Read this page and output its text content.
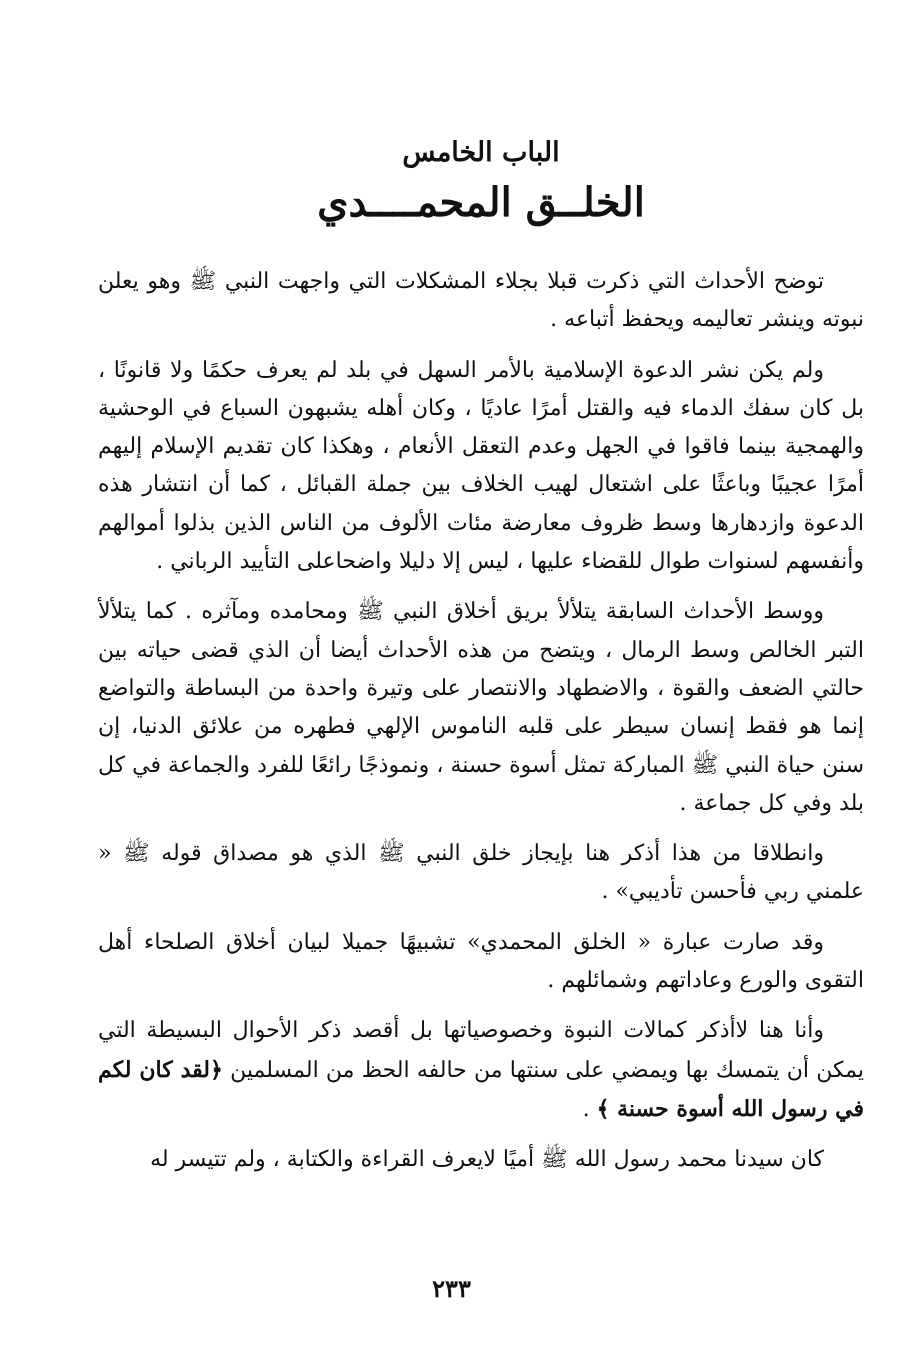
الباب الخامس
الخلــق المحمــــدي

توضح الأحداث التي ذكرت قبلا بجلاء المشكلات التي واجهت النبي ﷺ وهو يعلن نبوته وينشر تعاليمه ويحفظ أتباعه .

ولم يكن نشر الدعوة الإسلامية بالأمر السهل في بلد لم يعرف حكمًا ولا قانونًا ، بل كان سفك الدماء فيه والقتل أمرًا عاديًا ، وكان أهله يشبهون السباع في الوحشية والهمجية بينما فاقوا في الجهل وعدم التعقل الأنعام ، وهكذا كان تقديم الإسلام إليهم أمرًا عجيبًا وباعثًا على اشتعال لهيب الخلاف بين جملة القبائل ، كما أن انتشار هذه الدعوة وازدهارها وسط ظروف معارضة مئات الألوف من الناس الذين بذلوا أموالهم وأنفسهم لسنوات طوال للقضاء عليها ، ليس إلا دليلا واضحاعلى التأييد الرباني .

ووسط الأحداث السابقة يتلألأ بريق أخلاق النبي ﷺ ومحامده ومآثره . كما يتلألأ التبر الخالص وسط الرمال ، ويتضح من هذه الأحداث أيضا أن الذي قضى حياته بين حالتي الضعف والقوة ، والاضطهاد والانتصار على وتيرة واحدة من البساطة والتواضع إنما هو فقط إنسان سيطر على قلبه الناموس الإلهي فطهره من علائق الدنيا، إن سنن حياة النبي ﷺ المباركة تمثل أسوة حسنة ، ونموذجًا رائعًا للفرد والجماعة في كل بلد وفي كل جماعة .

وانطلاقا من هذا أذكر هنا بإيجاز خلق النبي ﷺ الذي هو مصداق قوله ﷺ « علمني ربي فأحسن تأديبي» .

وقد صارت عبارة « الخلق المحمدي» تشبيهًا جميلا لبيان أخلاق الصلحاء أهل التقوى والورع وعاداتهم وشمائلهم .

وأنا هنا لاأذكر كمالات النبوة وخصوصياتها بل أقصد ذكر الأحوال البسيطة التي يمكن أن يتمسك بها ويمضي على سنتها من حالفه الحظ من المسلمين ﴿لقد كان لكم في رسول الله أسوة حسنة ﴾ .

كان سيدنا محمد رسول الله ﷺ أميًا لايعرف القراءة والكتابة ، ولم تتيسر له

٢٣٣
